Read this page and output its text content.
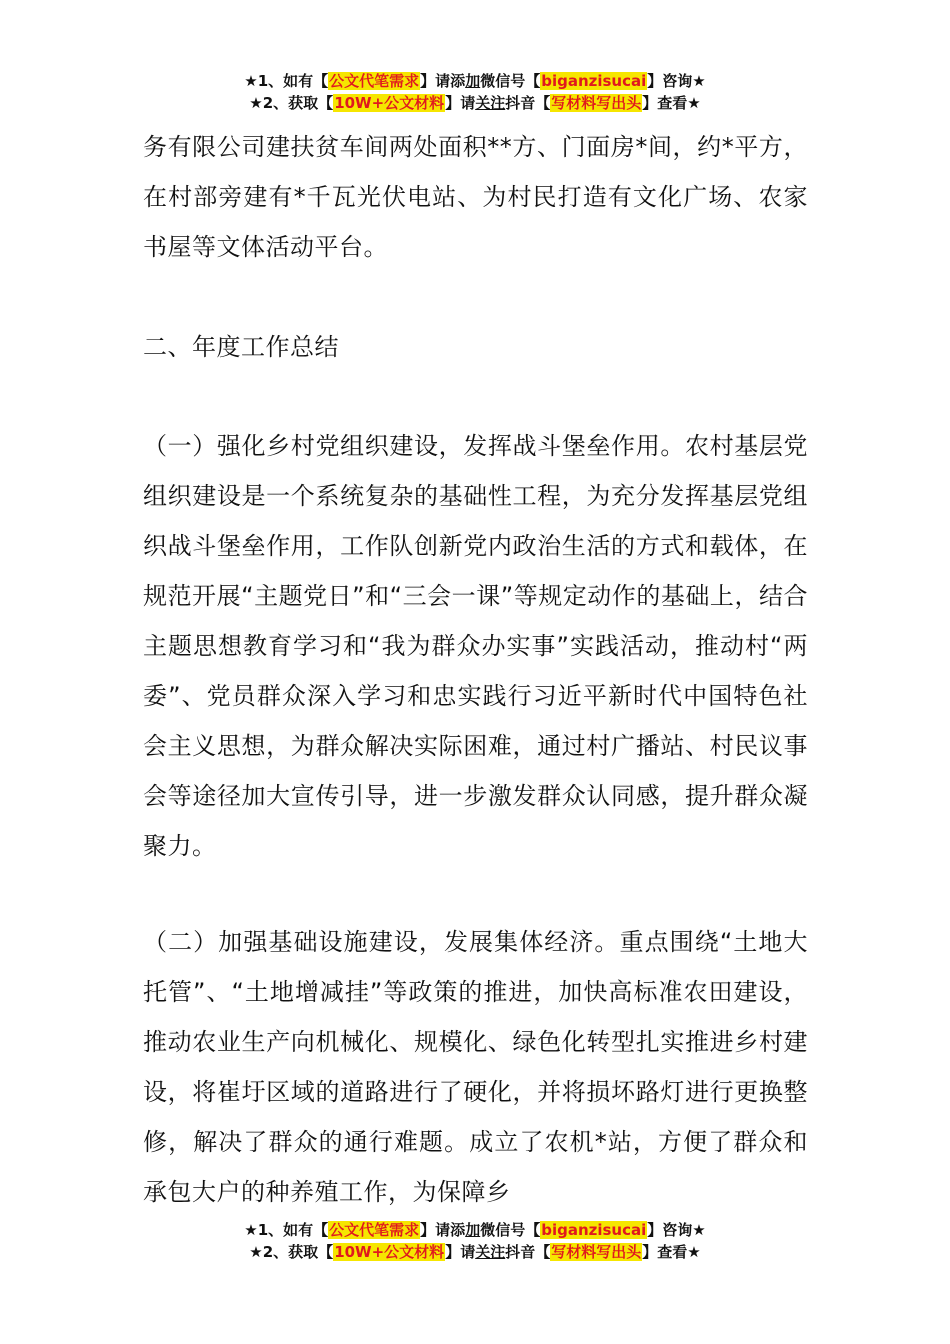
★1、如有【公文代笔需求】请添加微信号【biganzisucai】咨询★
★2、获取【10W+公文材料】请关注抖音【写材料写出头】查看★

务有限公司建扶贫车间两处面积**方、门面房*间，约*平方，在村部旁建有*千瓦光伏电站、为村民打造有文化广场、农家书屋等文体活动平台。

二、年度工作总结

（一）强化乡村党组织建设，发挥战斗堡垒作用。农村基层党组织建设是一个系统复杂的基础性工程，为充分发挥基层党组织战斗堡垒作用，工作队创新党内政治生活的方式和载体，在规范开展“主题党日”和“三会一课”等规定动作的基础上，结合主题思想教育学习和“我为群众办实事”实践活动，推动村“两委”、党员群众深入学习和忠实践行习近平新时代中国特色社会主义思想，为群众解决实际困难，通过村广播站、村民议事会等途径加大宣传引导，进一步激发群众认同感，提升群众凝聚力。

（二）加强基础设施建设，发展集体经济。重点围绕“土地大托管”、“土地增减挂”等政策的推进，加快高标准农田建设，推动农业生产向机械化、规模化、绿色化转型扎实推进乡村建设，将崔圩区域的道路进行了硬化，并将损坏路灯进行更换整修，解决了群众的通行难题。成立了农机*站，方便了群众和承包大户的种养殖工作，为保障乡

★1、如有【公文代笔需求】请添加微信号【biganzisucai】咨询★
★2、获取【10W+公文材料】请关注抖音【写材料写出头】查看★
